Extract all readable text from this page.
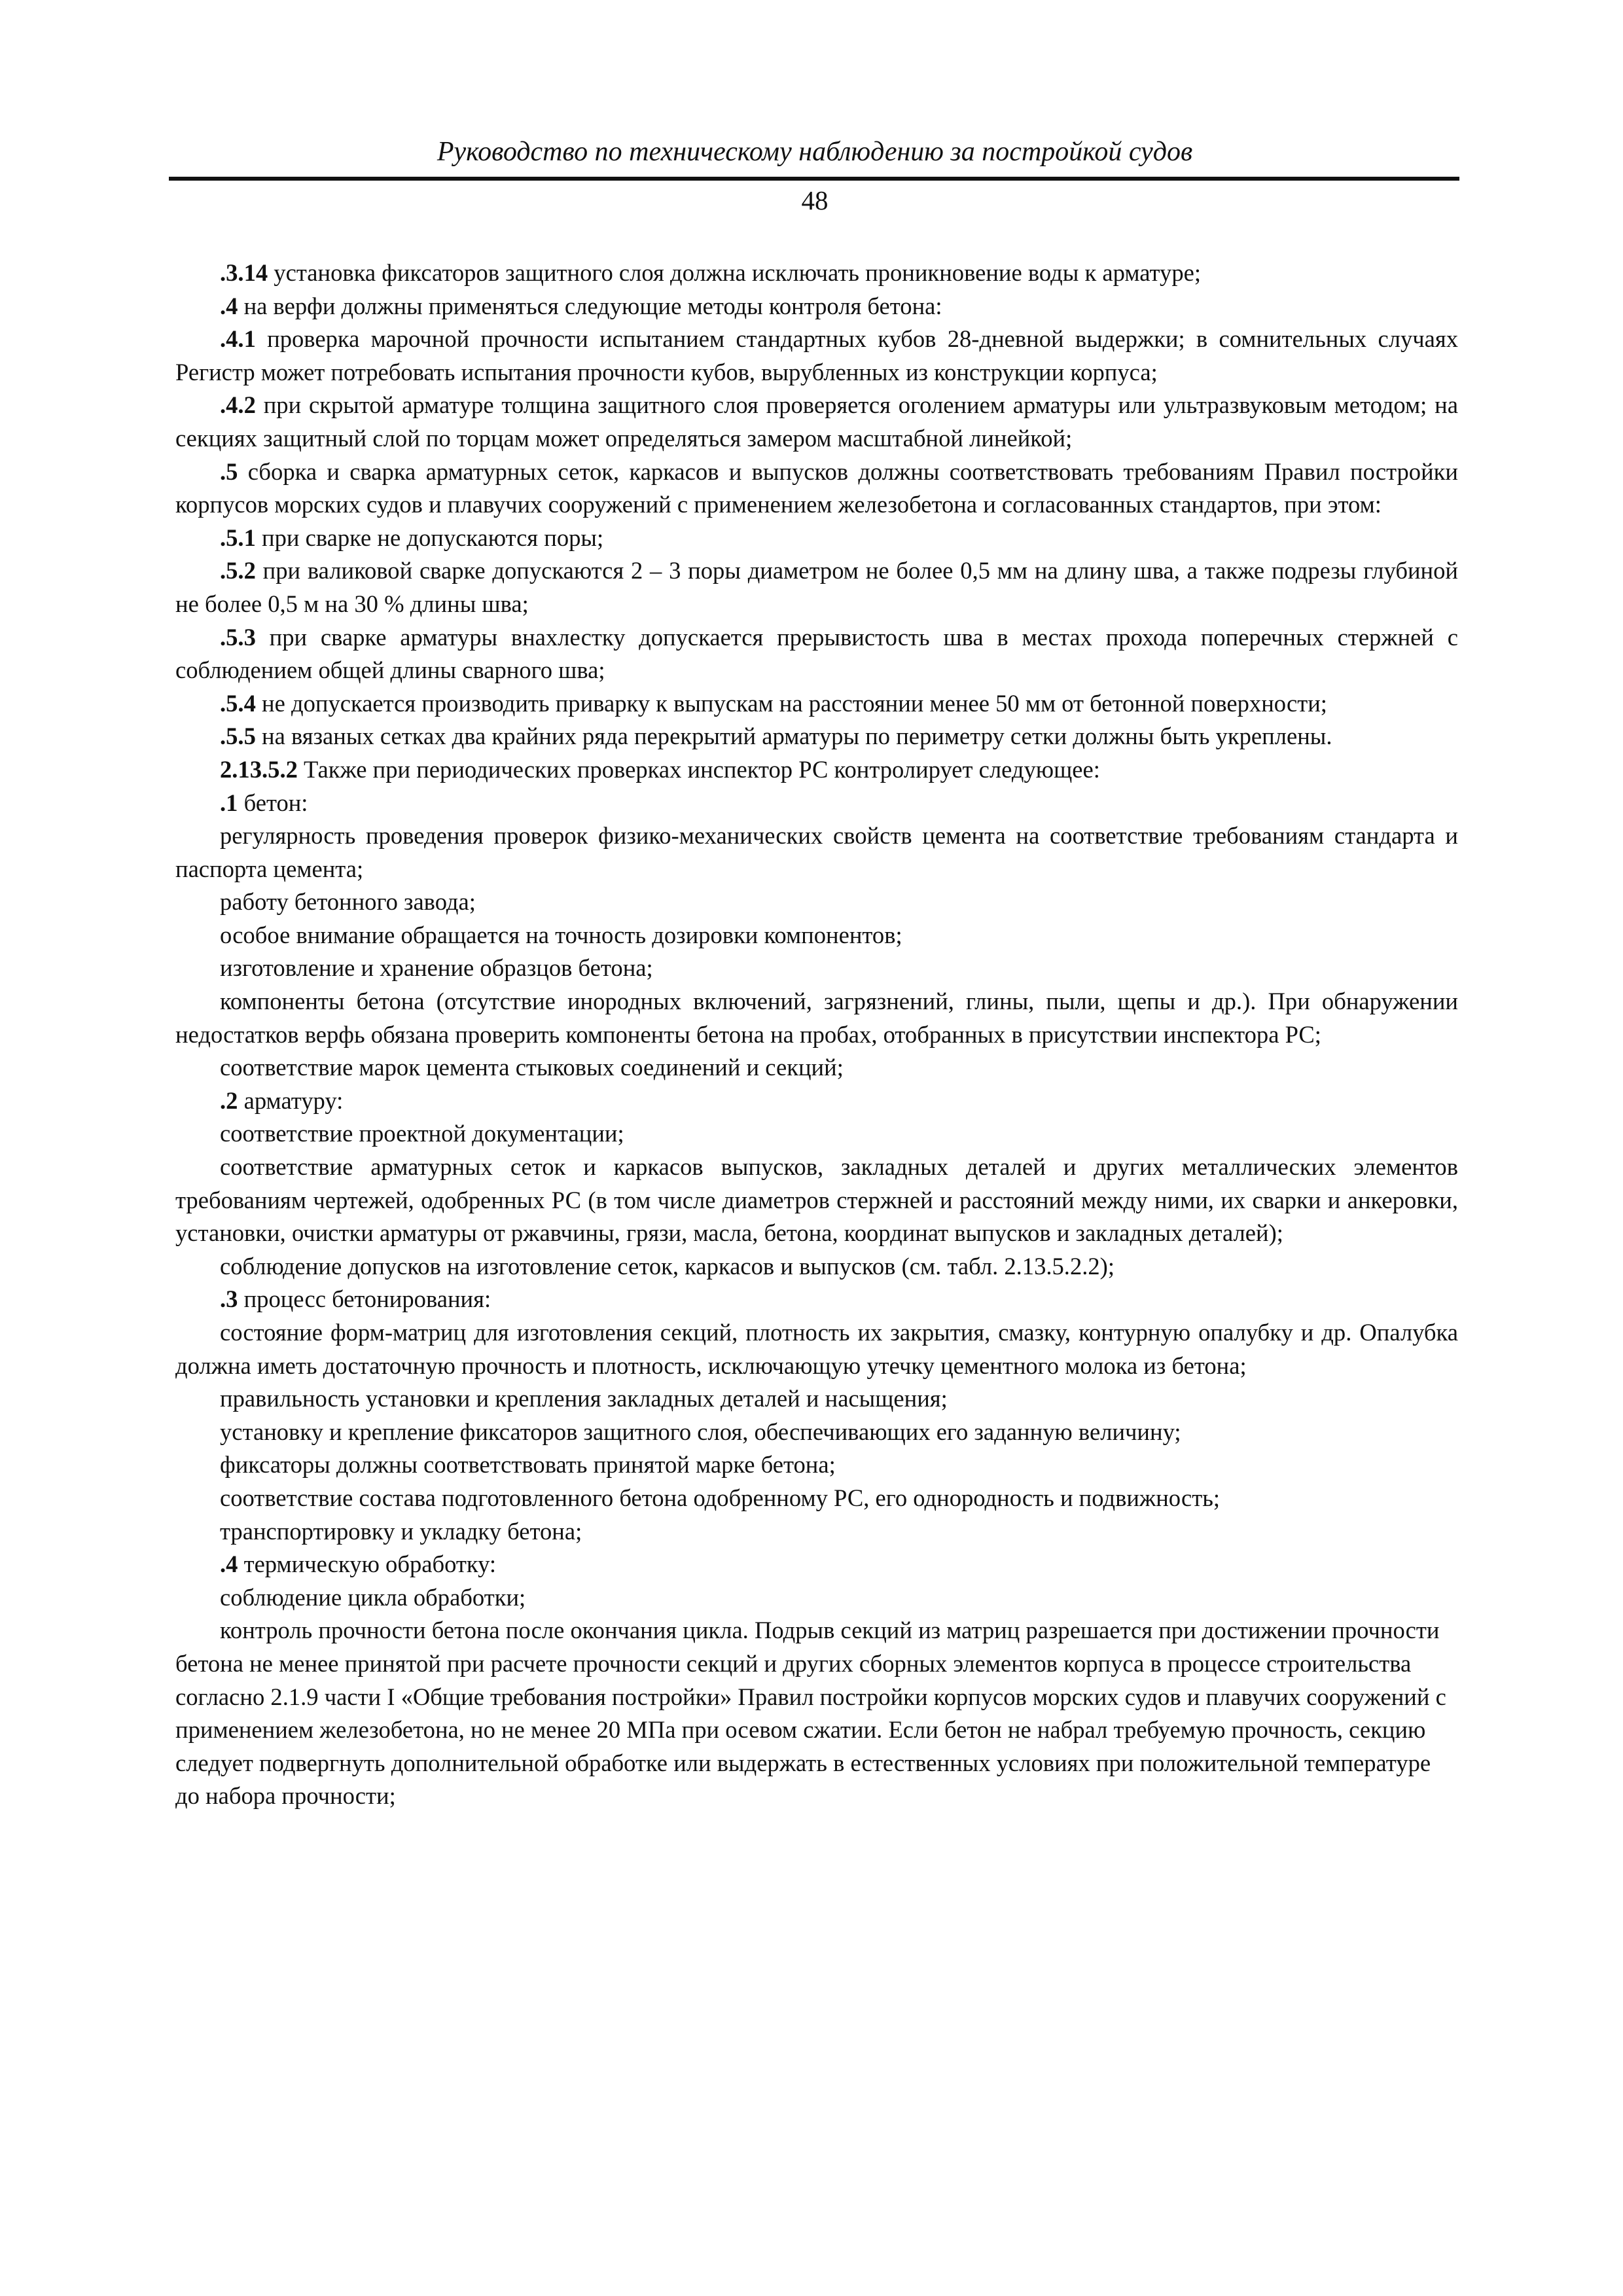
Руководство по техническому наблюдению за постройкой судов
48

.3.14 установка фиксаторов защитного слоя должна исключать проникновение воды к арматуре;

.4 на верфи должны применяться следующие методы контроля бетона:

.4.1 проверка марочной прочности испытанием стандартных кубов 28-дневной выдержки; в сомнительных случаях Регистр может потребовать испытания прочности кубов, вырубленных из конструкции корпуса;

.4.2 при скрытой арматуре толщина защитного слоя проверяется оголением арматуры или ультразвуковым методом; на секциях защитный слой по торцам может определяться замером масштабной линейкой;

.5 сборка и сварка арматурных сеток, каркасов и выпусков должны соответствовать требованиям Правил постройки корпусов морских судов и плавучих сооружений с применением железобетона и согласованных стандартов, при этом:

.5.1 при сварке не допускаются поры;

.5.2 при валиковой сварке допускаются 2 – 3 поры диаметром не более 0,5 мм на длину шва, а также подрезы глубиной не более 0,5 м на 30 % длины шва;

.5.3 при сварке арматуры внахлестку допускается прерывистость шва в местах прохода поперечных стержней с соблюдением общей длины сварного шва;

.5.4 не допускается производить приварку к выпускам на расстоянии менее 50 мм от бетонной поверхности;

.5.5 на вязаных сетках два крайних ряда перекрытий арматуры по периметру сетки должны быть укреплены.

2.13.5.2 Также при периодических проверках инспектор РС контролирует следующее:

.1 бетон:

регулярность проведения проверок физико-механических свойств цемента на соответствие требованиям стандарта и паспорта цемента;

работу бетонного завода;

особое внимание обращается на точность дозировки компонентов;

изготовление и хранение образцов бетона;

компоненты бетона (отсутствие инородных включений, загрязнений, глины, пыли, щепы и др.). При обнаружении недостатков верфь обязана проверить компоненты бетона на пробах, отобранных в присутствии инспектора РС;

соответствие марок цемента стыковых соединений и секций;

.2 арматуру:

соответствие проектной документации;

соответствие арматурных сеток и каркасов выпусков, закладных деталей и других металлических элементов требованиям чертежей, одобренных РС (в том числе диаметров стержней и расстояний между ними, их сварки и анкеровки, установки, очистки арматуры от ржавчины, грязи, масла, бетона, координат выпусков и закладных деталей);

соблюдение допусков на изготовление сеток, каркасов и выпусков (см. табл. 2.13.5.2.2);

.3 процесс бетонирования:

состояние форм-матриц для изготовления секций, плотность их закрытия, смазку, контурную опалубку и др. Опалубка должна иметь достаточную прочность и плотность, исключающую утечку цементного молока из бетона;

правильность установки и крепления закладных деталей и насыщения;

установку и крепление фиксаторов защитного слоя, обеспечивающих его заданную величину;

фиксаторы должны соответствовать принятой марке бетона;

соответствие состава подготовленного бетона одобренному РС, его однородность и подвижность;

транспортировку и укладку бетона;

.4 термическую обработку:

соблюдение цикла обработки;

контроль прочности бетона после окончания цикла. Подрыв секций из матриц разрешается при достижении прочности бетона не менее принятой при расчете прочности секций и других сборных элементов корпуса в процессе строительства согласно 2.1.9 части I «Общие требования постройки» Правил постройки корпусов морских судов и плавучих сооружений с применением железобетона, но не менее 20 МПа при осевом сжатии. Если бетон не набрал требуемую прочность, секцию следует подвергнуть дополнительной обработке или выдержать в естественных условиях при положительной температуре до набора прочности;
